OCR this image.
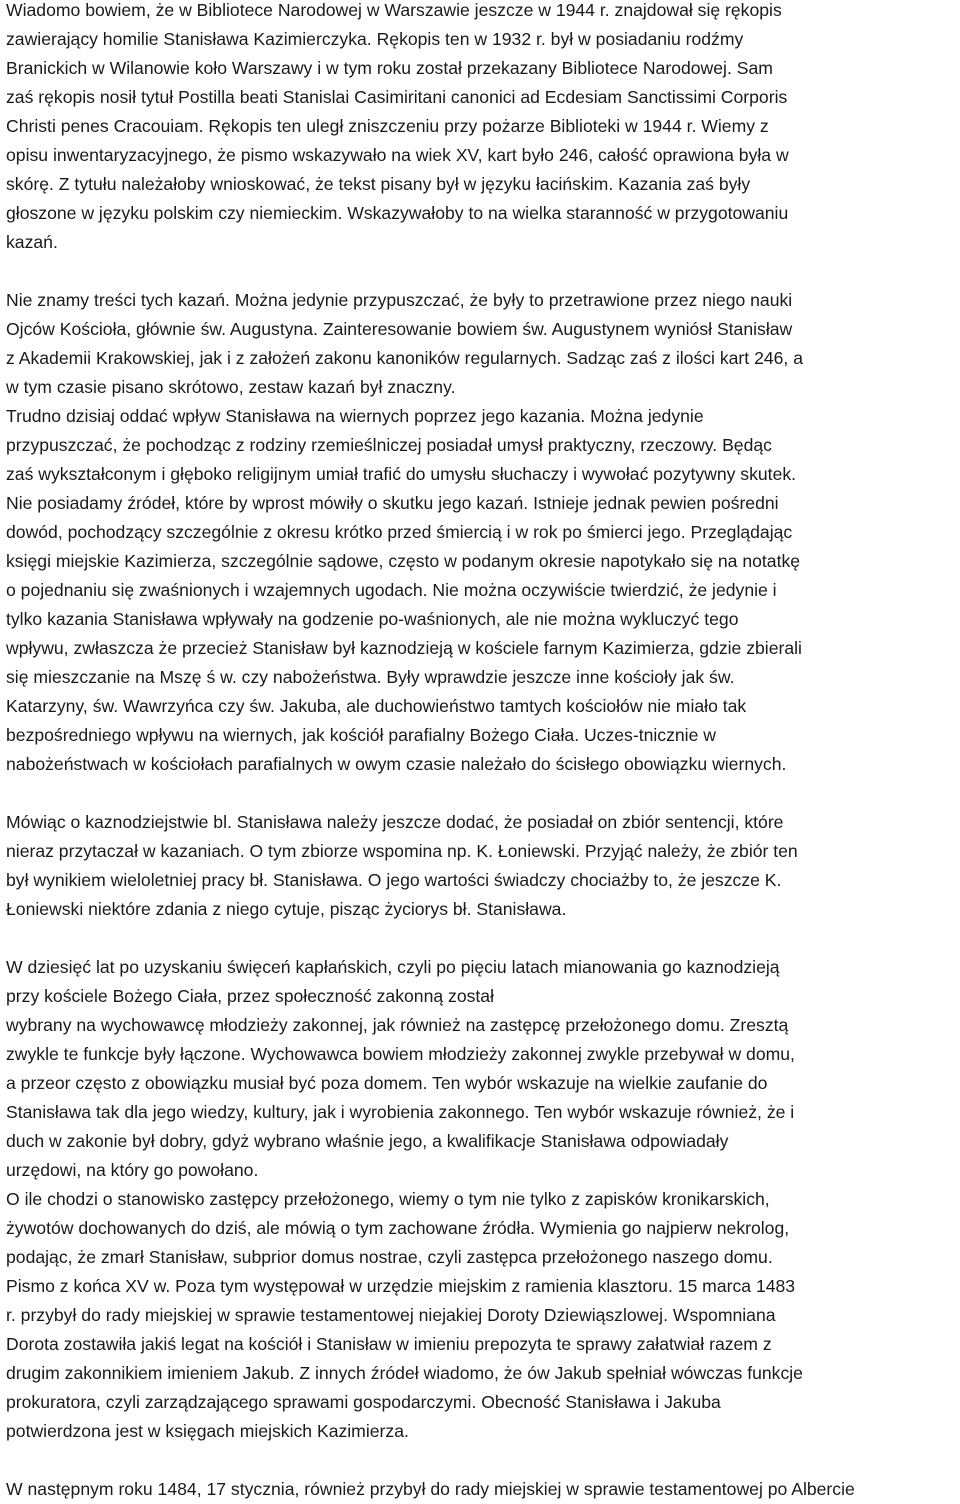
Wiadomo bowiem, że w Bibliotece Narodowej w Warszawie jeszcze w 1944 r. znajdował się rękopis
zawierający homilie Stanisława Kazimierczyka. Rękopis ten w 1932 r. był w posiadaniu rodźmy
Branickich w Wilanowie koło Warszawy i w tym roku został przekazany Bibliotece Narodowej. Sam
zaś rękopis nosił tytuł Postilla beati Stanislai Casimiritani canonici ad Ecdesiam Sanctissimi Corporis
Christi penes Cracouiam. Rękopis ten uległ zniszczeniu przy pożarze Biblioteki w 1944 r. Wiemy z
opisu inwentaryzacyjnego, że pismo wskazywało na wiek XV, kart było 246, całość oprawiona była w
skórę. Z tytułu należałoby wnioskować, że tekst pisany był w języku łacińskim. Kazania zaś były
głoszone w języku polskim czy niemieckim. Wskazywałoby to na wielka staranność w przygotowaniu
kazań.

Nie znamy treści tych kazań. Można jedynie przypuszczać, że były to przetrawione przez niego nauki
Ojców Kościoła, głównie św. Augustyna. Zainteresowanie bowiem św. Augustynem wyniósł Stanisław
z Akademii Krakowskiej, jak i z założeń zakonu kanoników regularnych. Sadząc zaś z ilości kart 246, a
w tym czasie pisano skrótowo, zestaw kazań był znaczny.
Trudno dzisiaj oddać wpływ Stanisława na wiernych poprzez jego kazania. Można jedynie
przypuszczać, że pochodząc z rodziny rzemieślniczej posiadał umysł praktyczny, rzeczowy. Będąc
zaś wykształconym i głęboko religijnym umiał trafić do umysłu słuchaczy i wywołać pozytywny skutek.
Nie posiadamy źródeł, które by wprost mówiły o skutku jego kazań. Istnieje jednak pewien pośredni
dowód, pochodzący szczególnie z okresu krótko przed śmiercią i w rok po śmierci jego. Przeglądając
księgi miejskie Kazimierza, szczególnie sądowe, często w podanym okresie napotykało się na notatkę
o pojednaniu się zwaśnionych i wzajemnych ugodach. Nie można oczywiście twierdzić, że jedynie i
tylko kazania Stanisława wpływały na godzenie po-waśnionych, ale nie można wykluczyć tego
wpływu, zwłaszcza że przecież Stanisław był kaznodzieją w kościele farnym Kazimierza, gdzie zbierali
się mieszczanie na Mszę ś w. czy nabożeństwa. Były wprawdzie jeszcze inne kościoły jak św.
Katarzyny, św. Wawrzyńca czy św. Jakuba, ale duchowieństwo tamtych kościołów nie miało tak
bezpośredniego wpływu na wiernych, jak kościół parafialny Bożego Ciała. Uczes-tnicznie w
nabożeństwach w kościołach parafialnych w owym czasie należało do ścisłego obowiązku wiernych.

Mówiąc o kaznodziejstwie bl. Stanisława należy jeszcze dodać, że posiadał on zbiór sentencji, które
nieraz przytaczał w kazaniach. O tym zbiorze wspomina np. K. Łoniewski. Przyjąć należy, że zbiór ten
był wynikiem wieloletniej pracy bł. Stanisława. O jego wartości świadczy chociażby to, że jeszcze K.
Łoniewski niektóre zdania z niego cytuje, pisząc życiorys bł. Stanisława.

W dziesięć lat po uzyskaniu święceń kapłańskich, czyli po pięciu latach mianowania go kaznodzieją
przy kościele Bożego Ciała, przez społeczność zakonną został
wybrany na wychowawcę młodzieży zakonnej, jak również na zastępcę przełożonego domu. Zresztą
zwykle te funkcje były łączone. Wychowawca bowiem młodzieży zakonnej zwykle przebywał w domu,
a przeor często z obowiązku musiał być poza domem. Ten wybór wskazuje na wielkie zaufanie do
Stanisława tak dla jego wiedzy, kultury, jak i wyrobienia zakonnego. Ten wybór wskazuje również, że i
duch w zakonie był dobry, gdyż wybrano właśnie jego, a kwalifikacje Stanisława odpowiadały
urzędowi, na który go powołano.
O ile chodzi o stanowisko zastępcy przełożonego, wiemy o tym nie tylko z zapisków kronikarskich,
żywotów dochowanych do dziś, ale mówią o tym zachowane źródła. Wymienia go najpierw nekrolog,
podając, że zmarł Stanisław, subprior domus nostrae, czyli zastępca przełożonego naszego domu.
Pismo z końca XV w. Poza tym występował w urzędzie miejskim z ramienia klasztoru. 15 marca 1483
r. przybył do rady miejskiej w sprawie testamentowej niejakiej Doroty Dziewiąszlowej. Wspomniana
Dorota zostawiła jakiś legat na kościół i Stanisław w imieniu prepozyta te sprawy załatwiał razem z
drugim zakonnikiem imieniem Jakub. Z innych źródeł wiadomo, że ów Jakub spełniał wówczas funkcje
prokuratora, czyli zarządzającego sprawami gospodarczymi. Obecność Stanisława i Jakuba
potwierdzona jest w księgach miejskich Kazimierza.

W następnym roku 1484, 17 stycznia, również przybył do rady miejskiej w sprawie testamentowej po Albercie
